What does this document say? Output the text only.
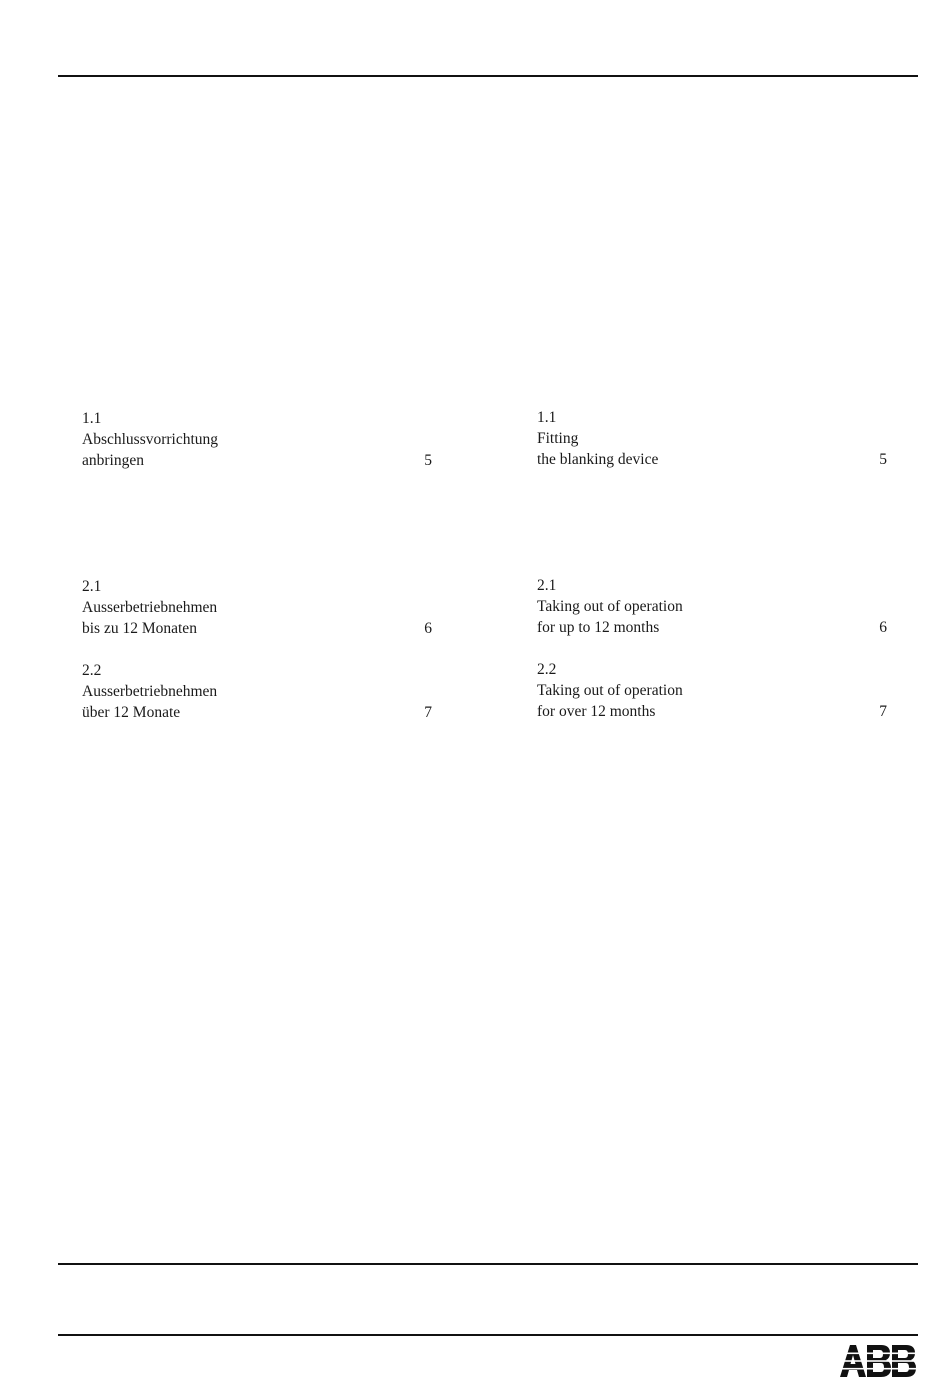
1.1
Abschlussvorrichtung
anbringen	5
2.1
Ausserbetriebnehmen
bis zu 12 Monaten	6
2.2
Ausserbetriebnehmen
über 12 Monate	7
1.1
Fitting
the blanking device	5
2.1
Taking out of operation
for up to 12 months	6
2.2
Taking out of operation
for over 12 months	7
